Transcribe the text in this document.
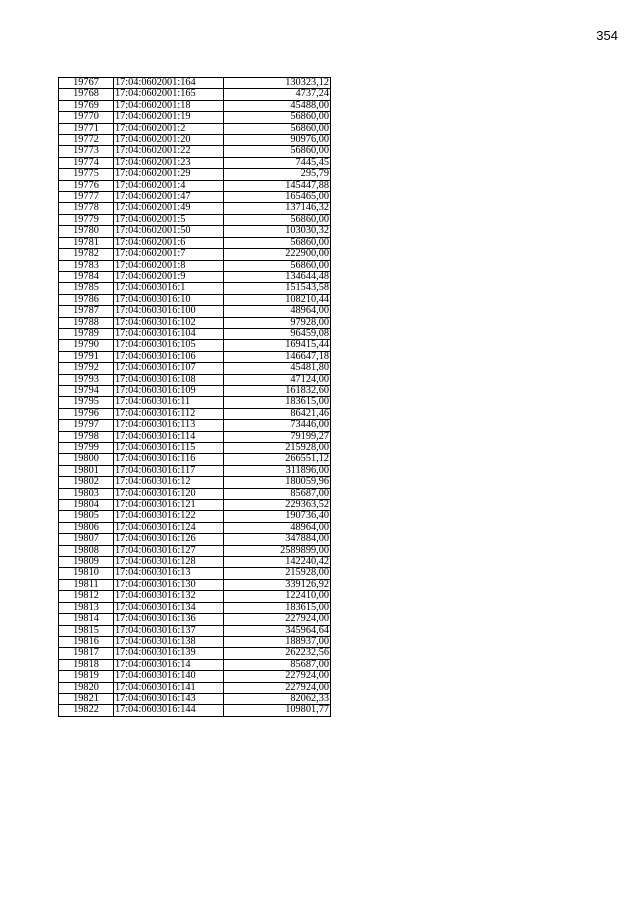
354
19767	17:04:0602001:164	130323,12
19768	17:04:0602001:165	4737,24
19769	17:04:0602001:18	45488,00
19770	17:04:0602001:19	56860,00
19771	17:04:0602001:2	56860,00
19772	17:04:0602001:20	90976,00
19773	17:04:0602001:22	56860,00
19774	17:04:0602001:23	7445,45
19775	17:04:0602001:29	295,79
19776	17:04:0602001:4	145447,88
19777	17:04:0602001:47	165465,00
19778	17:04:0602001:49	137146,32
19779	17:04:0602001:5	56860,00
19780	17:04:0602001:50	103030,32
19781	17:04:0602001:6	56860,00
19782	17:04:0602001:7	222900,00
19783	17:04:0602001:8	56860,00
19784	17:04:0602001:9	134644,48
19785	17:04:0603016:1	151543,58
19786	17:04:0603016:10	108210,44
19787	17:04:0603016:100	48964,00
19788	17:04:0603016:102	97928,00
19789	17:04:0603016:104	96459,08
19790	17:04:0603016:105	169415,44
19791	17:04:0603016:106	146647,18
19792	17:04:0603016:107	45481,80
19793	17:04:0603016:108	47124,00
19794	17:04:0603016:109	161832,60
19795	17:04:0603016:11	183615,00
19796	17:04:0603016:112	86421,46
19797	17:04:0603016:113	73446,00
19798	17:04:0603016:114	79199,27
19799	17:04:0603016:115	215928,00
19800	17:04:0603016:116	266551,12
19801	17:04:0603016:117	311896,00
19802	17:04:0603016:12	180059,96
19803	17:04:0603016:120	85687,00
19804	17:04:0603016:121	229363,52
19805	17:04:0603016:122	190736,40
19806	17:04:0603016:124	48964,00
19807	17:04:0603016:126	347884,00
19808	17:04:0603016:127	2589899,00
19809	17:04:0603016:128	142240,42
19810	17:04:0603016:13	215928,00
19811	17:04:0603016:130	339126,92
19812	17:04:0603016:132	122410,00
19813	17:04:0603016:134	183615,00
19814	17:04:0603016:136	227924,00
19815	17:04:0603016:137	345964,64
19816	17:04:0603016:138	188937,00
19817	17:04:0603016:139	262232,56
19818	17:04:0603016:14	85687,00
19819	17:04:0603016:140	227924,00
19820	17:04:0603016:141	227924,00
19821	17:04:0603016:143	82062,33
19822	17:04:0603016:144	109801,77
